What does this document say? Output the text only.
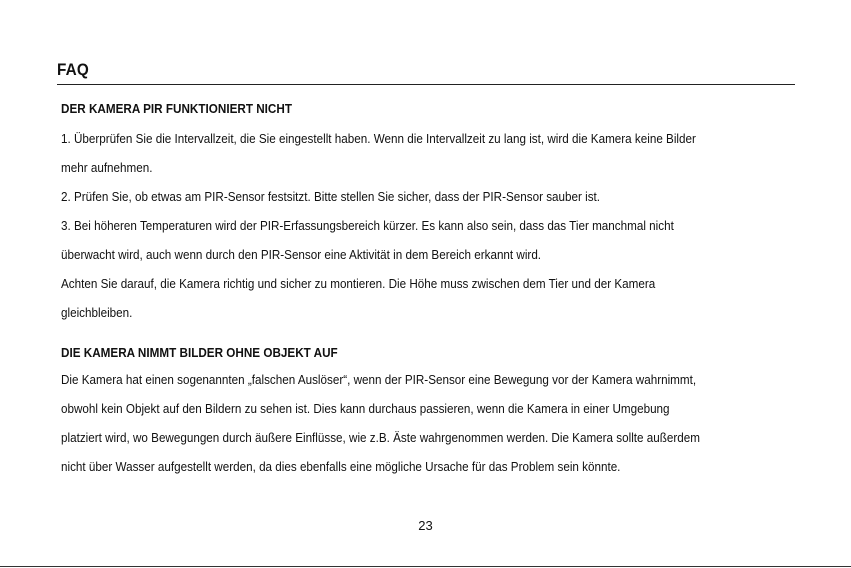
FAQ
DER KAMERA PIR FUNKTIONIERT NICHT
1. Überprüfen Sie die Intervallzeit, die Sie eingestellt haben. Wenn die Intervallzeit zu lang ist, wird die Kamera keine Bilder
mehr aufnehmen.
2. Prüfen Sie, ob etwas am PIR-Sensor festsitzt. Bitte stellen Sie sicher, dass der PIR-Sensor sauber ist.
3. Bei höheren Temperaturen wird der PIR-Erfassungsbereich kürzer. Es kann also sein, dass das Tier manchmal nicht
überwacht wird, auch wenn durch den PIR-Sensor eine Aktivität in dem Bereich erkannt wird.
Achten Sie darauf, die Kamera richtig und sicher zu montieren. Die Höhe muss zwischen dem Tier und der Kamera
gleichbleiben.
DIE KAMERA NIMMT BILDER OHNE OBJEKT AUF
Die Kamera hat einen sogenannten „falschen Auslöser“, wenn der PIR-Sensor eine Bewegung vor der Kamera wahrnimmt,
obwohl kein Objekt auf den Bildern zu sehen ist. Dies kann durchaus passieren, wenn die Kamera in einer Umgebung
platziert wird, wo Bewegungen durch äußere Einflüsse, wie z.B. Äste wahrgenommen werden. Die Kamera sollte außerdem
nicht über Wasser aufgestellt werden, da dies ebenfalls eine mögliche Ursache für das Problem sein könnte.
23
